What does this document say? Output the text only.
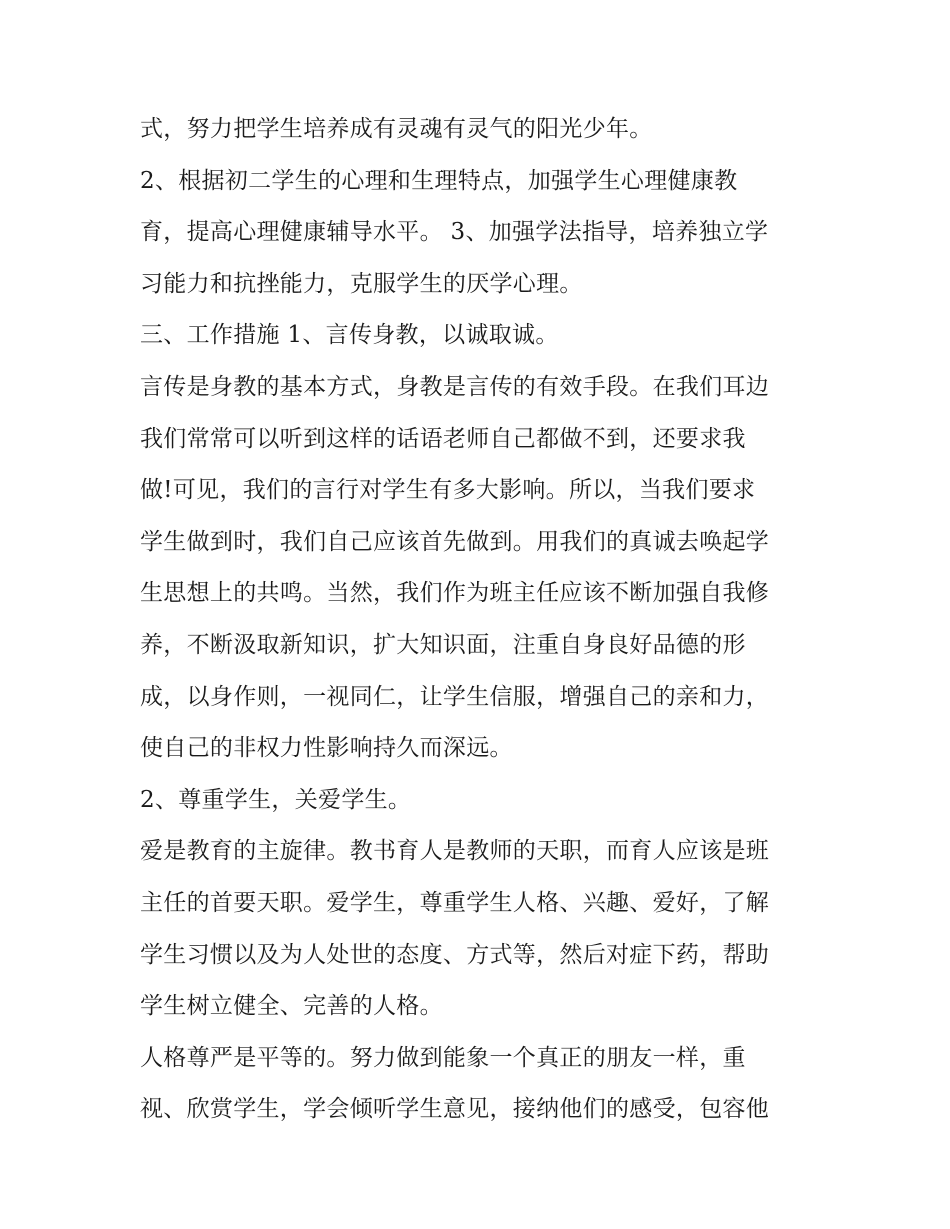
式，努力把学生培养成有灵魂有灵气的阳光少年。
2、根据初二学生的心理和生理特点，加强学生心理健康教
育，提高心理健康辅导水平。 3、加强学法指导，培养独立学
习能力和抗挫能力，克服学生的厌学心理。
三、工作措施 1、言传身教，以诚取诚。
言传是身教的基本方式，身教是言传的有效手段。在我们耳边
我们常常可以听到这样的话语老师自己都做不到，还要求我
做!可见，我们的言行对学生有多大影响。所以，当我们要求
学生做到时，我们自己应该首先做到。用我们的真诚去唤起学
生思想上的共鸣。当然，我们作为班主任应该不断加强自我修
养，不断汲取新知识，扩大知识面，注重自身良好品德的形
成，以身作则，一视同仁，让学生信服，增强自己的亲和力，
使自己的非权力性影响持久而深远。
2、尊重学生，关爱学生。
爱是教育的主旋律。教书育人是教师的天职，而育人应该是班
主任的首要天职。爱学生，尊重学生人格、兴趣、爱好，了解
学生习惯以及为人处世的态度、方式等，然后对症下药，帮助
学生树立健全、完善的人格。
人格尊严是平等的。努力做到能象一个真正的朋友一样，重
视、欣赏学生，学会倾听学生意见，接纳他们的感受，包容他
